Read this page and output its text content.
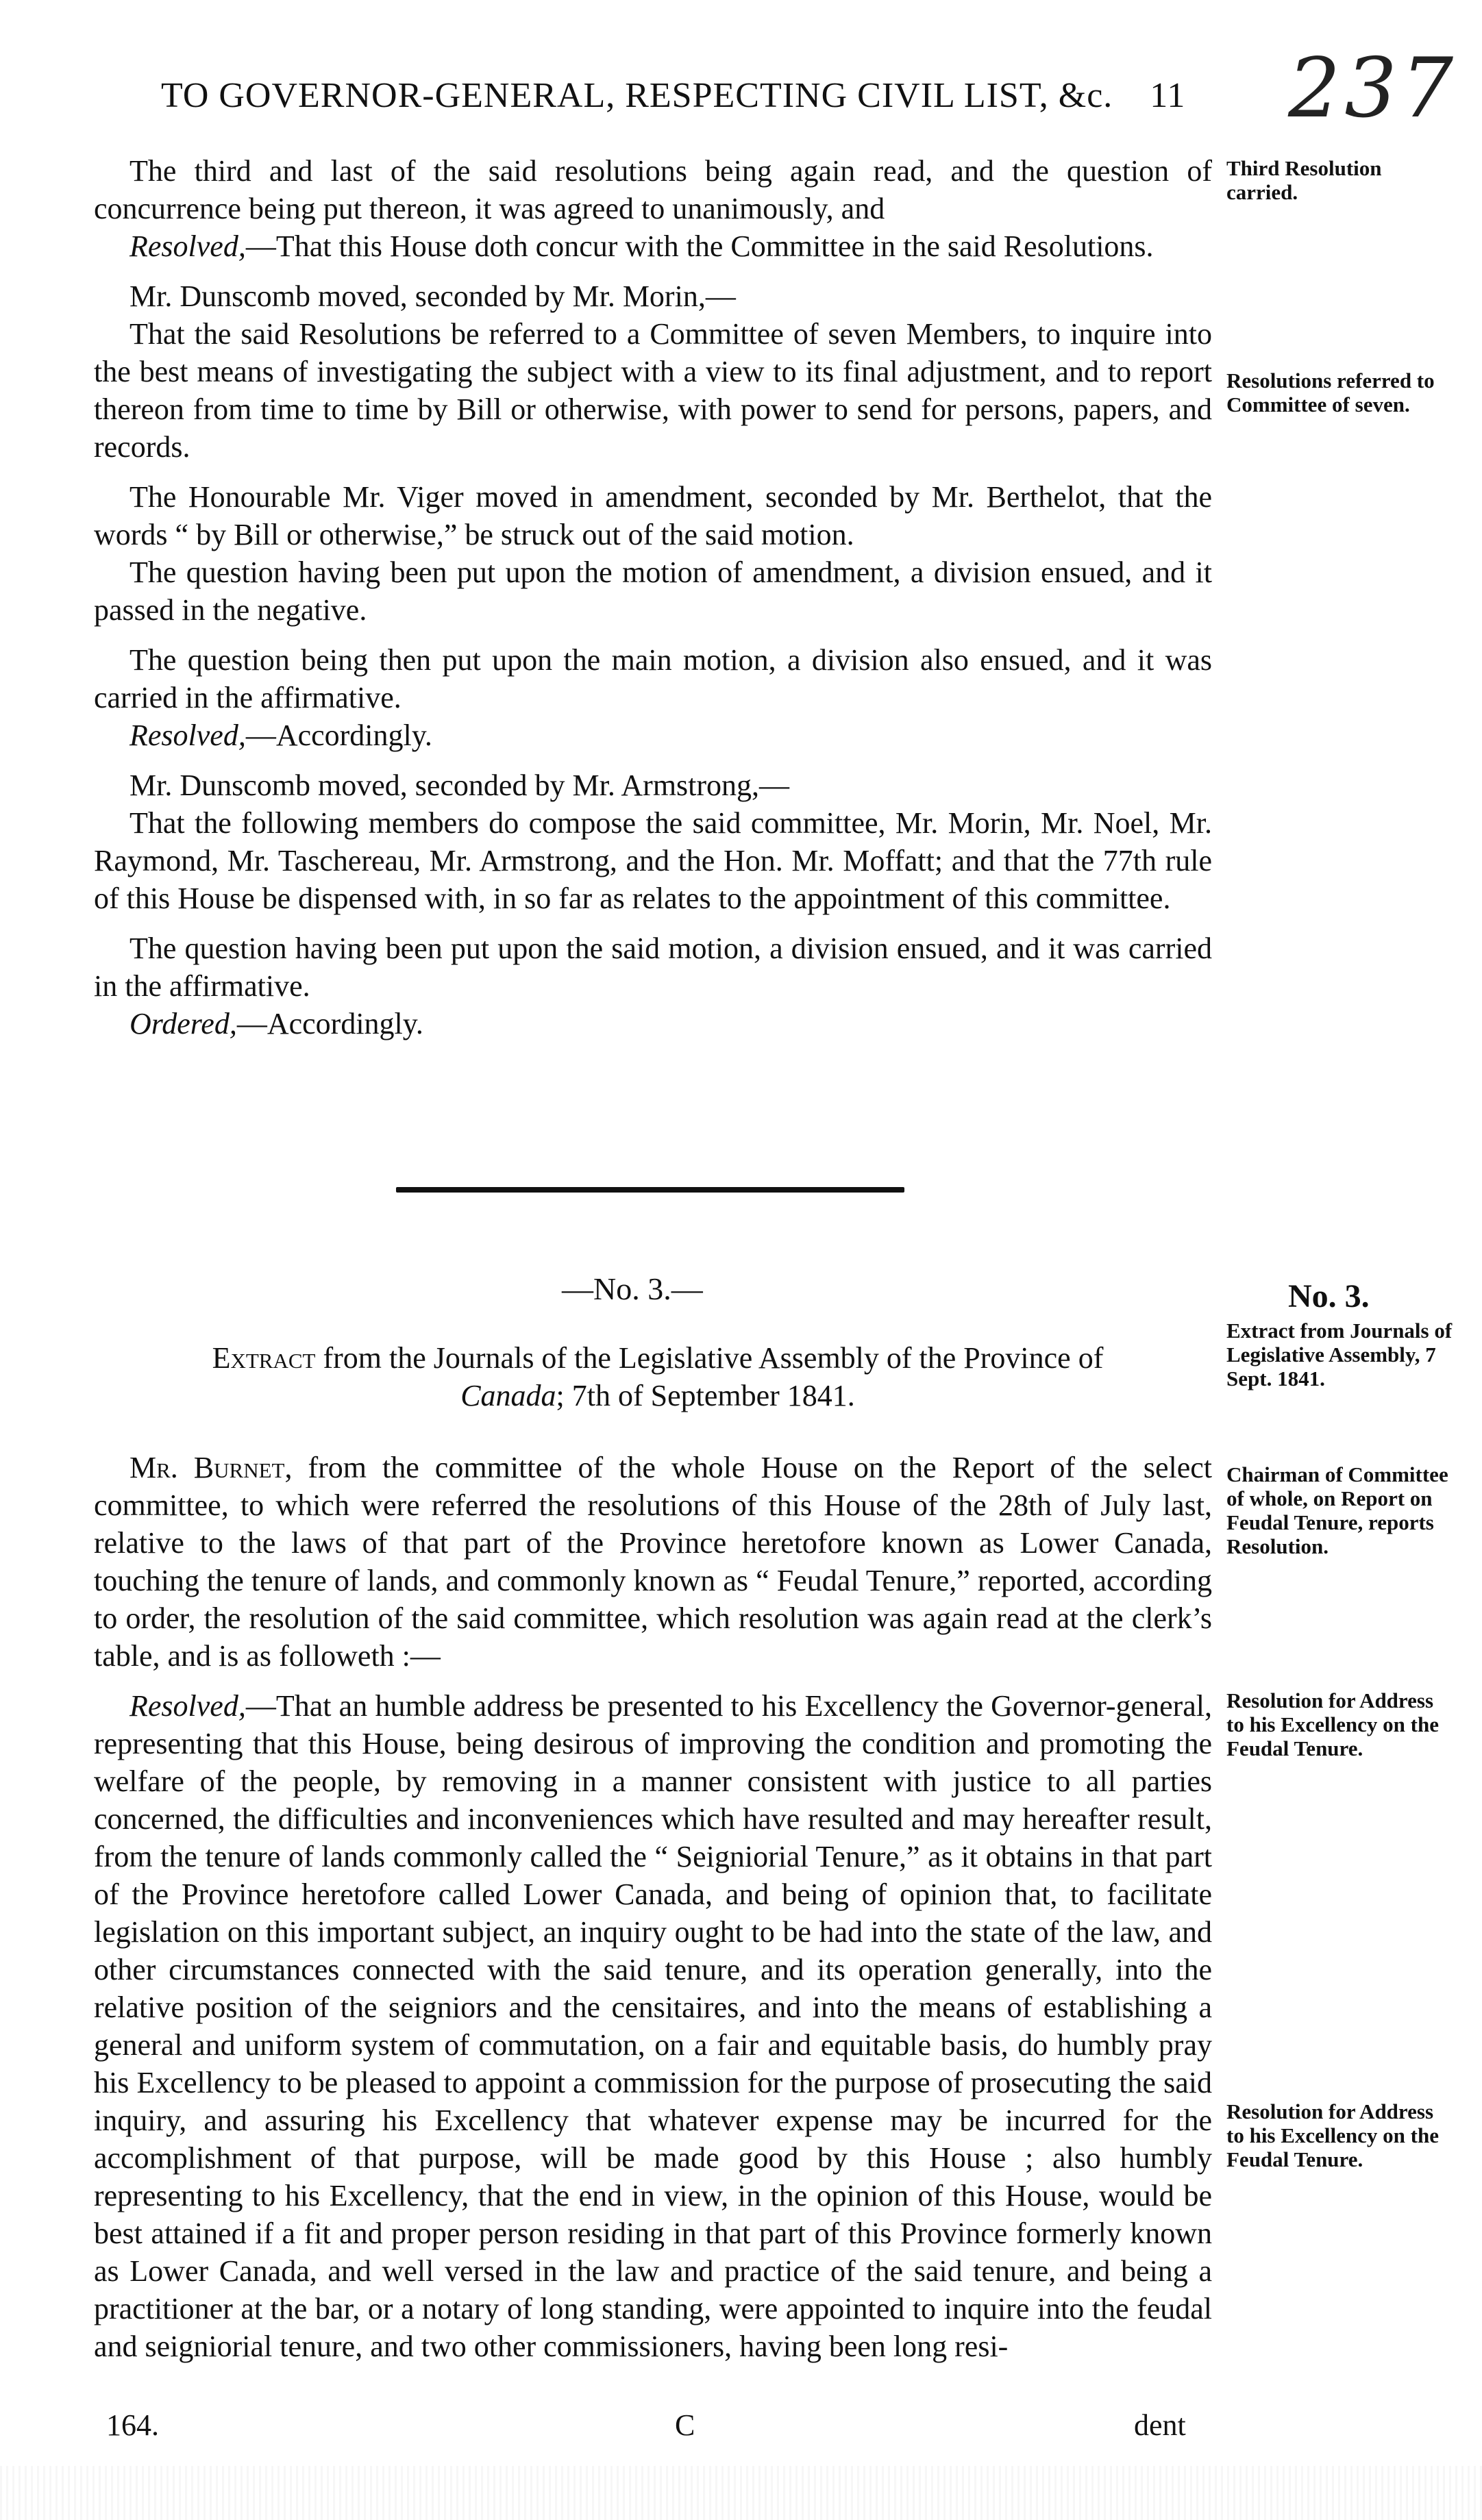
TO GOVERNOR-GENERAL, RESPECTING CIVIL LIST, &c. 11	237

The third and last of the said resolutions being again read, and the question of concurrence being put thereon, it was agreed to unanimously, and

Resolved,—That this House doth concur with the Committee in the said Resolutions.

Mr. Dunscomb moved, seconded by Mr. Morin,—

That the said Resolutions be referred to a Committee of seven Members, to inquire into the best means of investigating the subject with a view to its final adjustment, and to report thereon from time to time by Bill or otherwise, with power to send for persons, papers, and records.

The Honourable Mr. Viger moved in amendment, seconded by Mr. Berthelot, that the words “ by Bill or otherwise,” be struck out of the said motion.

The question having been put upon the motion of amendment, a division ensued, and it passed in the negative.

The question being then put upon the main motion, a division also ensued, and it was carried in the affirmative.

Resolved,—Accordingly.

Mr. Dunscomb moved, seconded by Mr. Armstrong,—

That the following members do compose the said committee, Mr. Morin, Mr. Noel, Mr. Raymond, Mr. Taschereau, Mr. Armstrong, and the Hon. Mr. Moffatt; and that the 77th rule of this House be dispensed with, in so far as relates to the appointment of this committee.

The question having been put upon the said motion, a division ensued, and it was carried in the affirmative.

Ordered,—Accordingly.

Third Resolution carried.
Resolutions referred to Committee of seven.
—No. 3.—	No. 3.
Extract from Journals of Legislative Assembly, 7 Sept. 1841.
Extract from the Journals of the Legislative Assembly of the Province of
Canada; 7th of September 1841.

Mr. Burnet, from the committee of the whole House on the Report of the select committee, to which were referred the resolutions of this House of the 28th of July last, relative to the laws of that part of the Province heretofore known as Lower Canada, touching the tenure of lands, and commonly known as “ Feudal Tenure,” reported, according to order, the resolution of the said committee, which resolution was again read at the clerk’s table, and is as followeth :—

Resolved,—That an humble address be presented to his Excellency the Governor-general, representing that this House, being desirous of improving the condition and promoting the welfare of the people, by removing in a manner consistent with justice to all parties concerned, the difficulties and inconveniences which have resulted and may hereafter result, from the tenure of lands commonly called the “ Seigniorial Tenure,” as it obtains in that part of the Province heretofore called Lower Canada, and being of opinion that, to facilitate legislation on this important subject, an inquiry ought to be had into the state of the law, and other circumstances connected with the said tenure, and its operation generally, into the relative position of the seigniors and the censitaires, and into the means of establishing a general and uniform system of commutation, on a fair and equitable basis, do humbly pray his Excellency to be pleased to appoint a commission for the purpose of prosecuting the said inquiry, and assuring his Excellency that whatever expense may be incurred for the accomplishment of that purpose, will be made good by this House ; also humbly representing to his Excellency, that the end in view, in the opinion of this House, would be best attained if a fit and proper person residing in that part of this Province formerly known as Lower Canada, and well versed in the law and practice of the said tenure, and being a practitioner at the bar, or a notary of long standing, were appointed to inquire into the feudal and seigniorial tenure, and two other commissioners, having been long resi-

Chairman of Committee of whole, on Report on Feudal Tenure, reports Resolution.
Resolution for Address to his Excellency on the Feudal Tenure.
Resolution for Address to his Excellency on the Feudal Tenure.
164.	C	dent
